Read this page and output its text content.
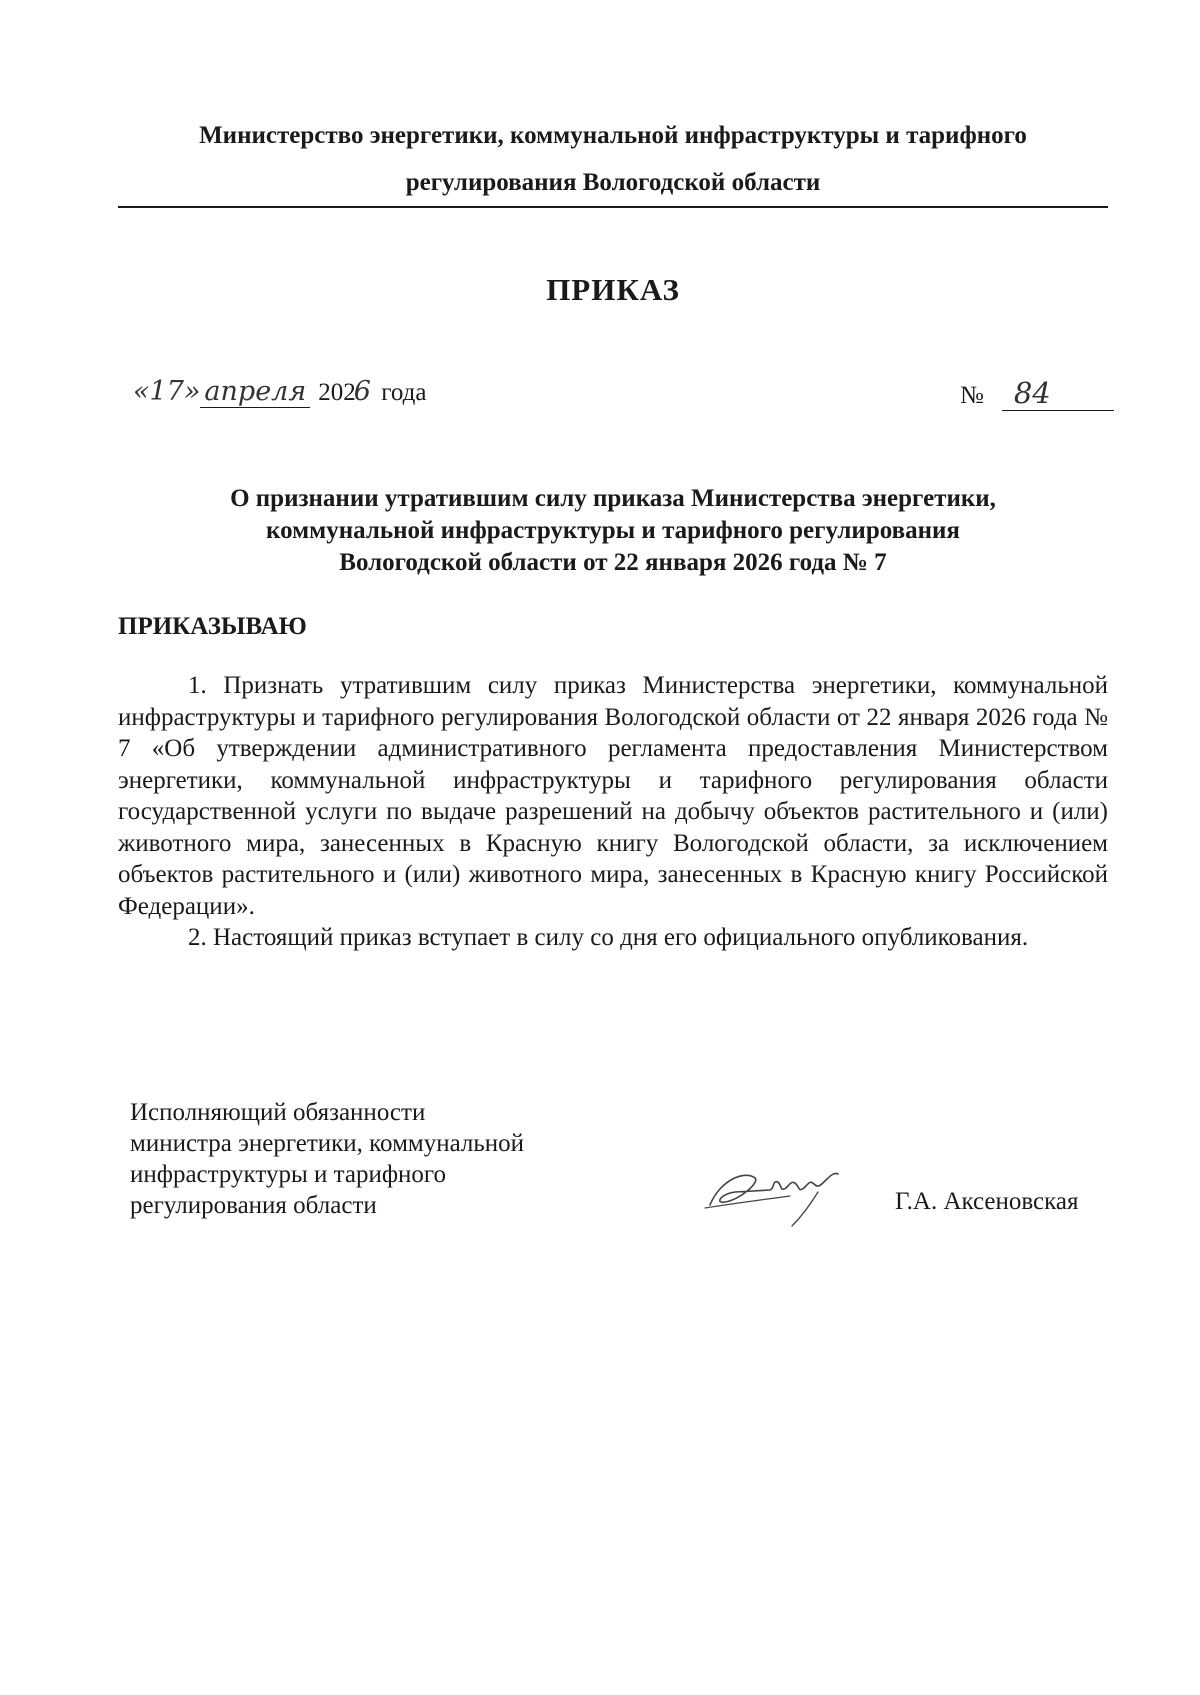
Министерство энергетики, коммунальной инфраструктуры и тарифного
регулирования Вологодской области
ПРИКАЗ
«17» апреля 2026 года	№ 84
О признании утратившим силу приказа Министерства энергетики,
коммунальной инфраструктуры и тарифного регулирования
Вологодской области от 22 января 2026 года № 7
ПРИКАЗЫВАЮ

1. Признать утратившим силу приказ Министерства энергетики, коммунальной инфраструктуры и тарифного регулирования Вологодской области от 22 января 2026 года № 7 «Об утверждении административного регламента предоставления Министерством энергетики, коммунальной инфраструктуры и тарифного регулирования области государственной услуги по выдаче разрешений на добычу объектов растительного и (или) животного мира, занесенных в Красную книгу Вологодской области, за исключением объектов растительного и (или) животного мира, занесенных в Красную книгу Российской Федерации».

2. Настоящий приказ вступает в силу со дня его официального опубликования.

Исполняющий обязанности
министра энергетики, коммунальной
инфраструктуры и тарифного
регулирования области	Г.А. Аксеновская
